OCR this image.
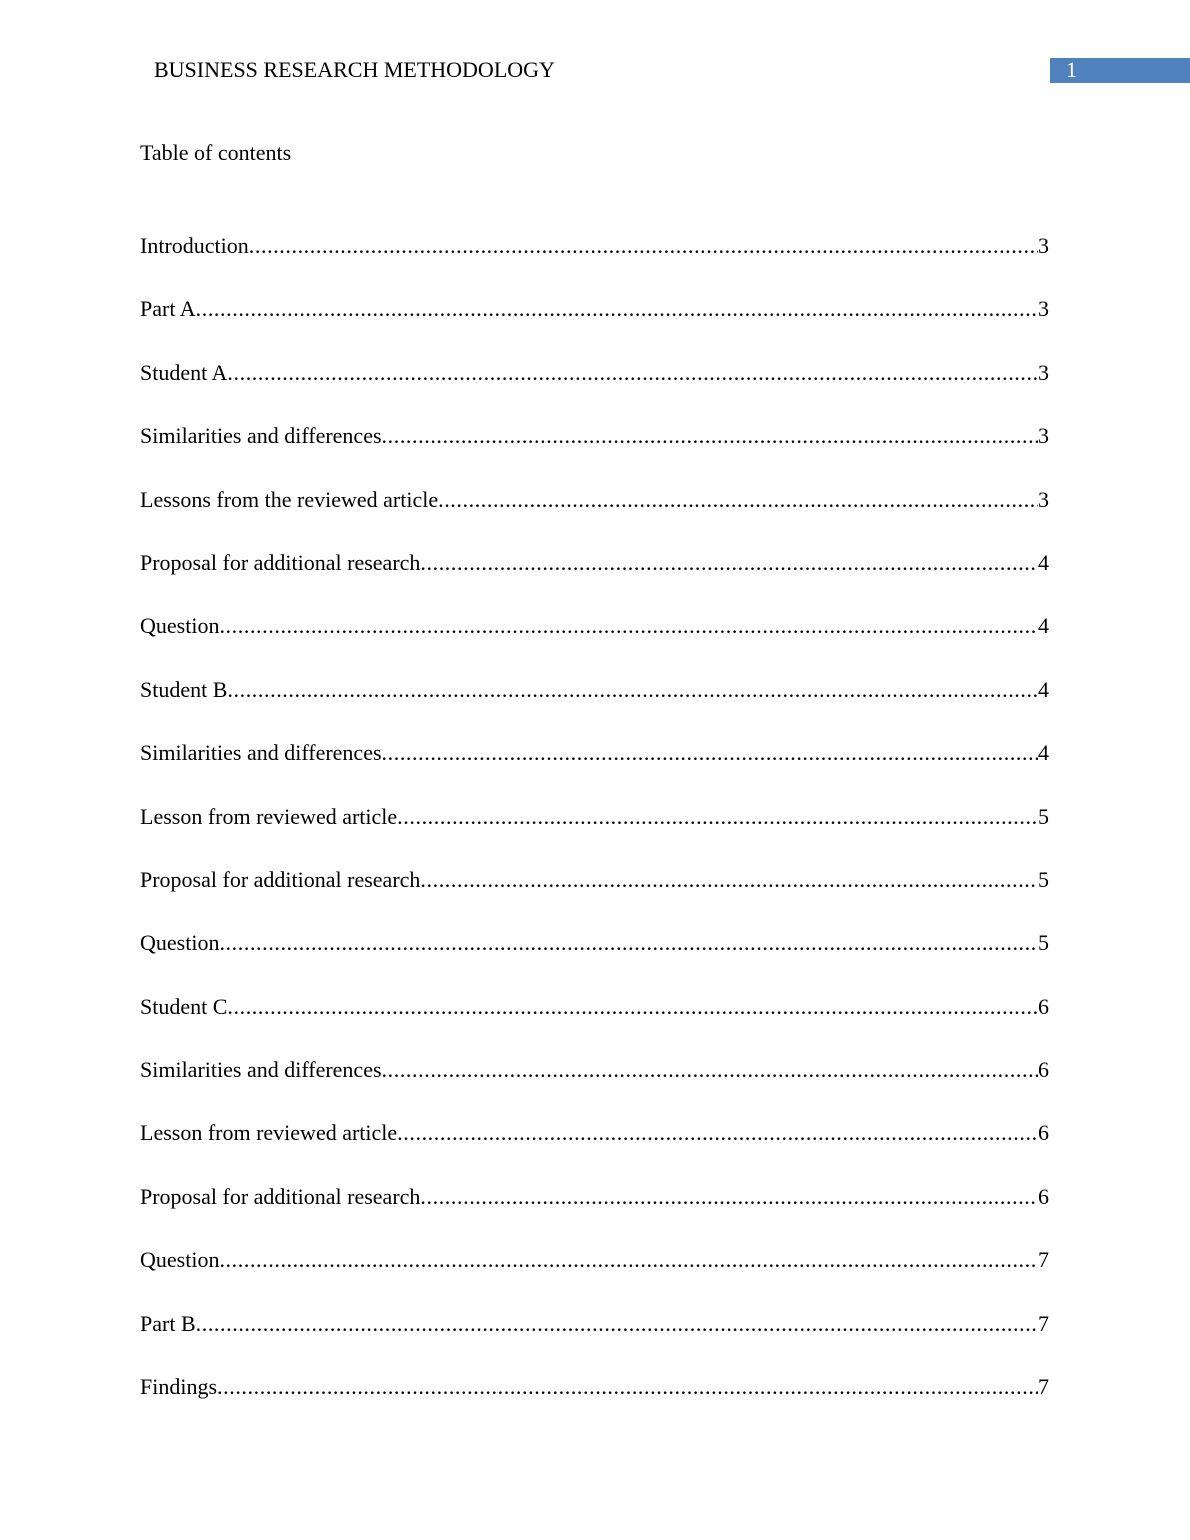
BUSINESS RESEARCH METHODOLOGY	1
Table of contents
Introduction .....	3
Part A .....	3
Student A .....	3
Similarities and differences .....	3
Lessons from the reviewed article .....	3
Proposal for additional research .....	4
Question .....	4
Student B .....	4
Similarities and differences .....	4
Lesson from reviewed article .....	5
Proposal for additional research .....	5
Question .....	5
Student C .....	6
Similarities and differences .....	6
Lesson from reviewed article .....	6
Proposal for additional research .....	6
Question .....	7
Part B .....	7
Findings .....	7
